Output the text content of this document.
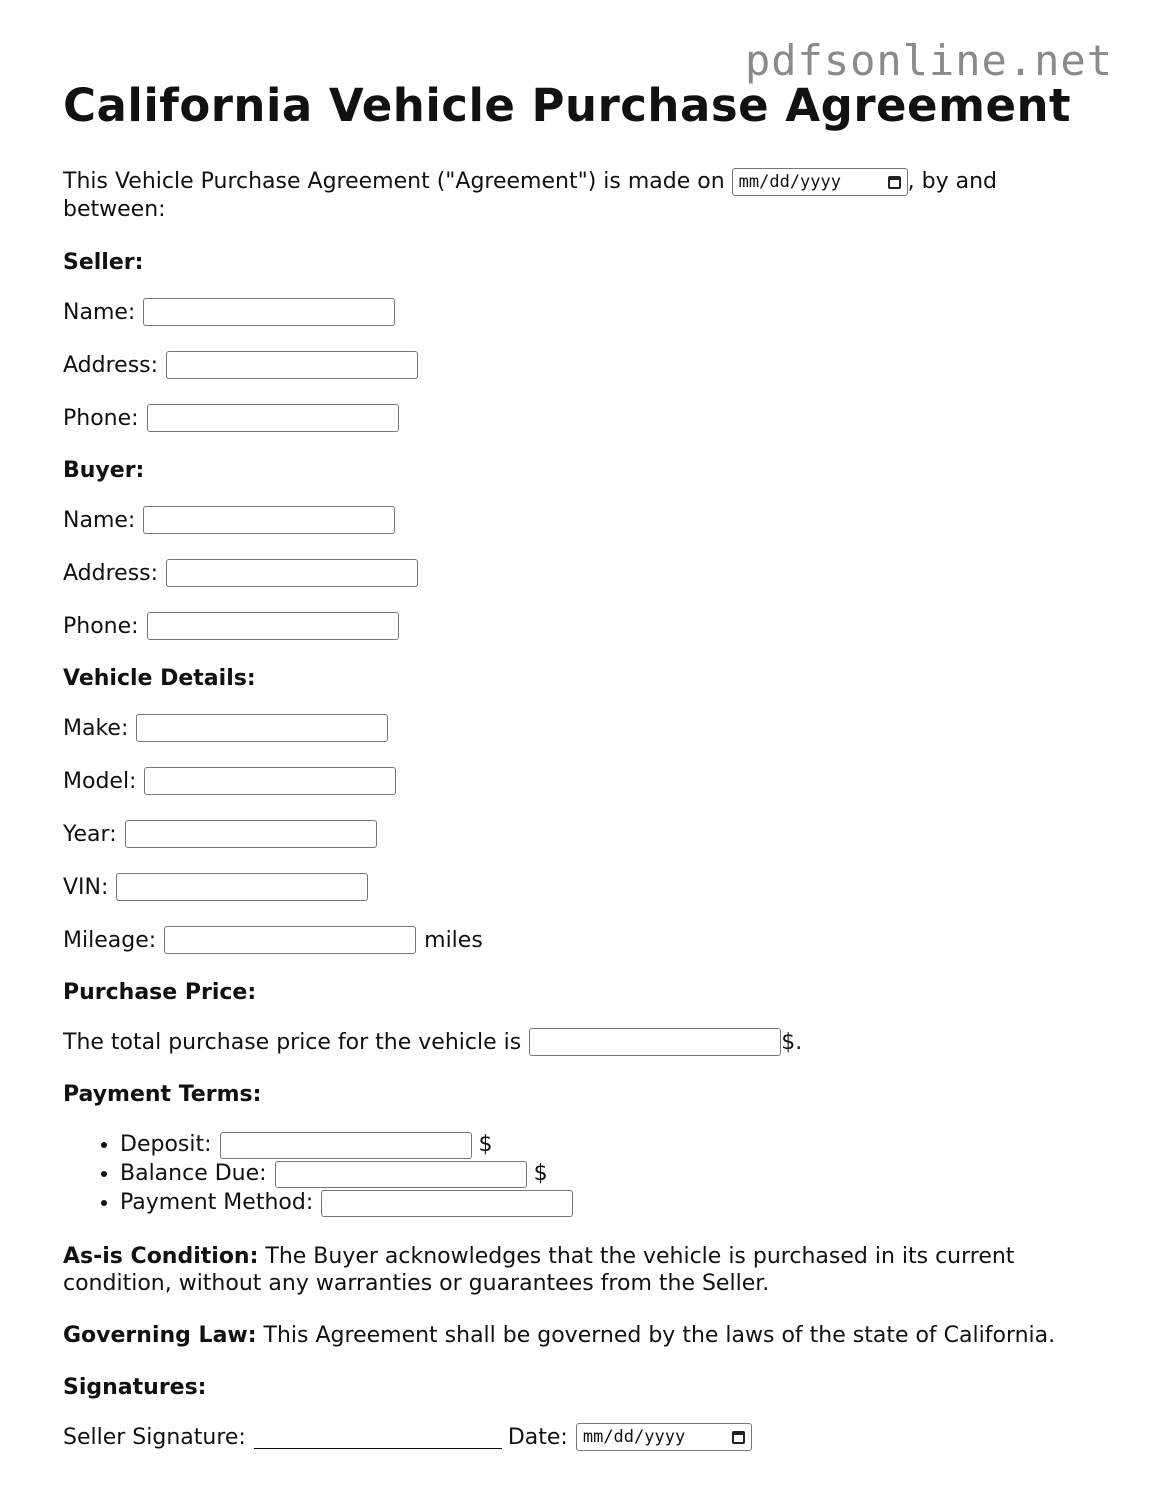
pdfsonline.net
California Vehicle Purchase Agreement

This Vehicle Purchase Agreement ("Agreement") is made on mm/dd/yyyy	, by and between:

Seller:
Name:
Address:
Phone:
Buyer:
Name:
Address:
Phone:
Vehicle Details:
Make:
Model:
Year:
VIN:
Mileage:	miles
Purchase Price:
The total purchase price for the vehicle is	$.
Payment Terms:
• Deposit:	$
• Balance Due:	$
• Payment Method:

As-is Condition: The Buyer acknowledges that the vehicle is purchased in its current condition, without any warranties or guarantees from the Seller.

Governing Law: This Agreement shall be governed by the laws of the state of California.

Signatures:
Seller Signature:	Date: mm/dd/yyyy
